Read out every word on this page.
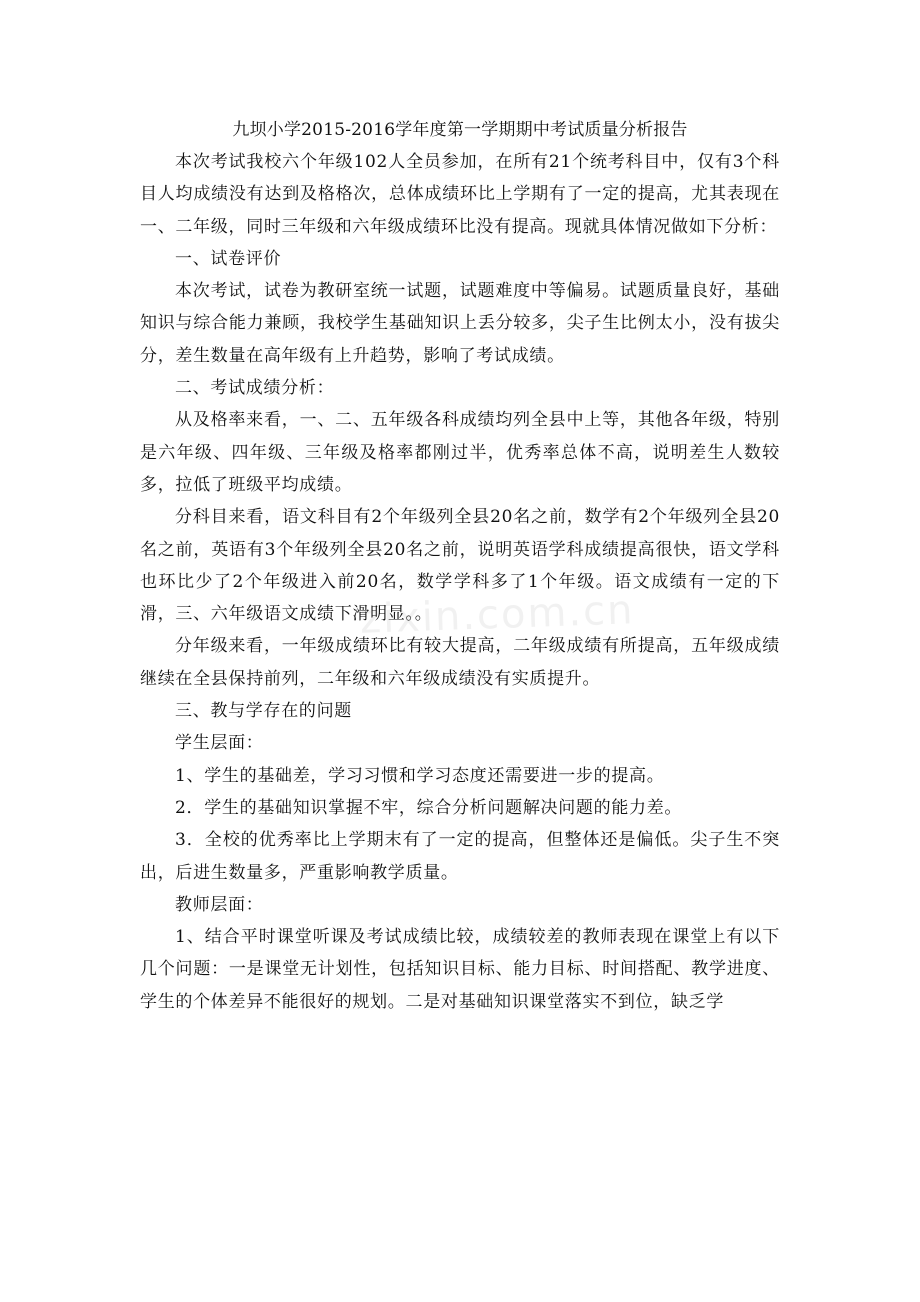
九坝小学2015-2016学年度第一学期期中考试质量分析报告

本次考试我校六个年级102人全员参加，在所有21个统考科目中，仅有3个科目人均成绩没有达到及格格次，总体成绩环比上学期有了一定的提高，尤其表现在一、二年级，同时三年级和六年级成绩环比没有提高。现就具体情况做如下分析：

一、试卷评价

本次考试，试卷为教研室统一试题，试题难度中等偏易。试题质量良好，基础知识与综合能力兼顾，我校学生基础知识上丢分较多，尖子生比例太小，没有拔尖分，差生数量在高年级有上升趋势，影响了考试成绩。

二、考试成绩分析：

从及格率来看，一、二、五年级各科成绩均列全县中上等，其他各年级，特别是六年级、四年级、三年级及格率都刚过半，优秀率总体不高，说明差生人数较多，拉低了班级平均成绩。

分科目来看，语文科目有2个年级列全县20名之前，数学有2个年级列全县20名之前，英语有3个年级列全县20名之前，说明英语学科成绩提高很快，语文学科也环比少了2个年级进入前20名，数学学科多了1个年级。语文成绩有一定的下滑，三、六年级语文成绩下滑明显。。

分年级来看，一年级成绩环比有较大提高，二年级成绩有所提高，五年级成绩继续在全县保持前列，二年级和六年级成绩没有实质提升。

三、教与学存在的问题

学生层面：

1、学生的基础差，学习习惯和学习态度还需要进一步的提高。

2．学生的基础知识掌握不牢，综合分析问题解决问题的能力差。

3．全校的优秀率比上学期末有了一定的提高，但整体还是偏低。尖子生不突出，后进生数量多，严重影响教学质量。

教师层面：

1、结合平时课堂听课及考试成绩比较，成绩较差的教师表现在课堂上有以下几个问题：一是课堂无计划性，包括知识目标、能力目标、时间搭配、教学进度、学生的个体差异不能很好的规划。二是对基础知识课堂落实不到位，缺乏学

zixin.com.cn
